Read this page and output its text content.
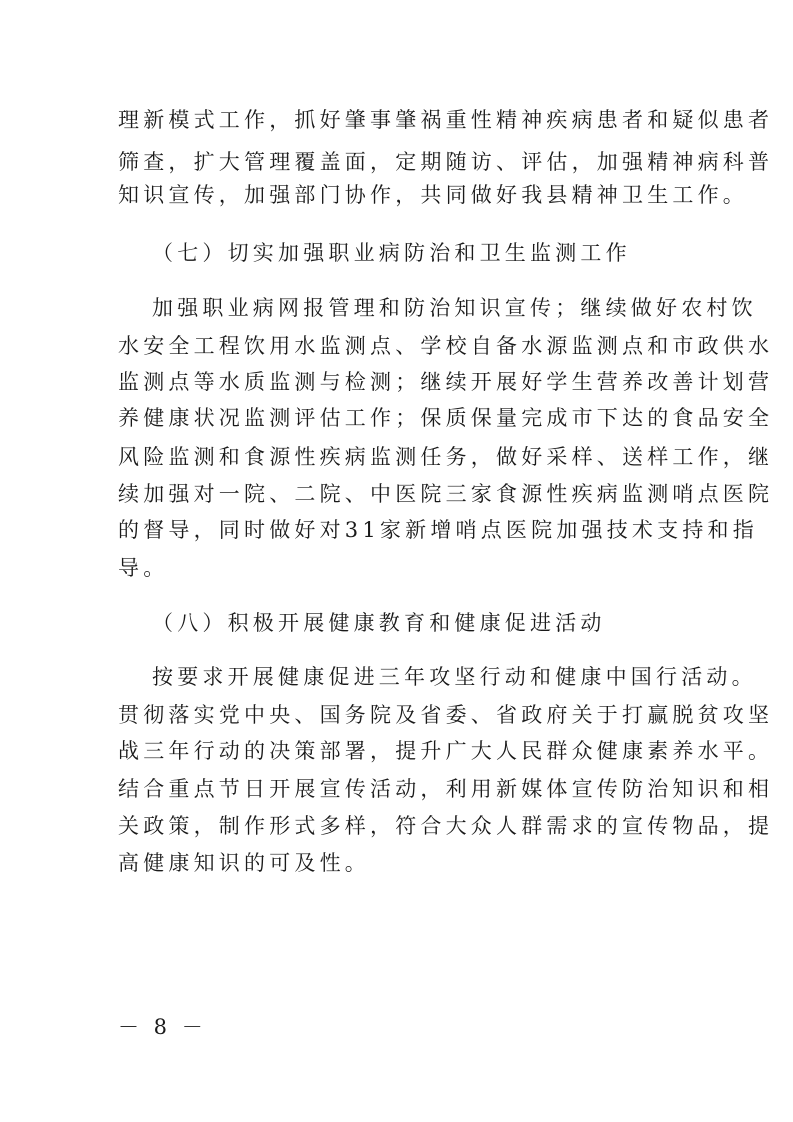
理新模式工作，抓好肇事肇祸重性精神疾病患者和疑似患者
筛查，扩大管理覆盖面，定期随访、评估，加强精神病科普
知识宣传，加强部门协作，共同做好我县精神卫生工作。
（七）切实加强职业病防治和卫生监测工作
加强职业病网报管理和防治知识宣传；继续做好农村饮
水安全工程饮用水监测点、学校自备水源监测点和市政供水
监测点等水质监测与检测；继续开展好学生营养改善计划营
养健康状况监测评估工作；保质保量完成市下达的食品安全
风险监测和食源性疾病监测任务，做好采样、送样工作，继
续加强对一院、二院、中医院三家食源性疾病监测哨点医院
的督导，同时做好对31家新增哨点医院加强技术支持和指
导。
（八）积极开展健康教育和健康促进活动
按要求开展健康促进三年攻坚行动和健康中国行活动。
贯彻落实党中央、国务院及省委、省政府关于打赢脱贫攻坚
战三年行动的决策部署，提升广大人民群众健康素养水平。
结合重点节日开展宣传活动，利用新媒体宣传防治知识和相
关政策，制作形式多样，符合大众人群需求的宣传物品，提
高健康知识的可及性。
－ 8 －
